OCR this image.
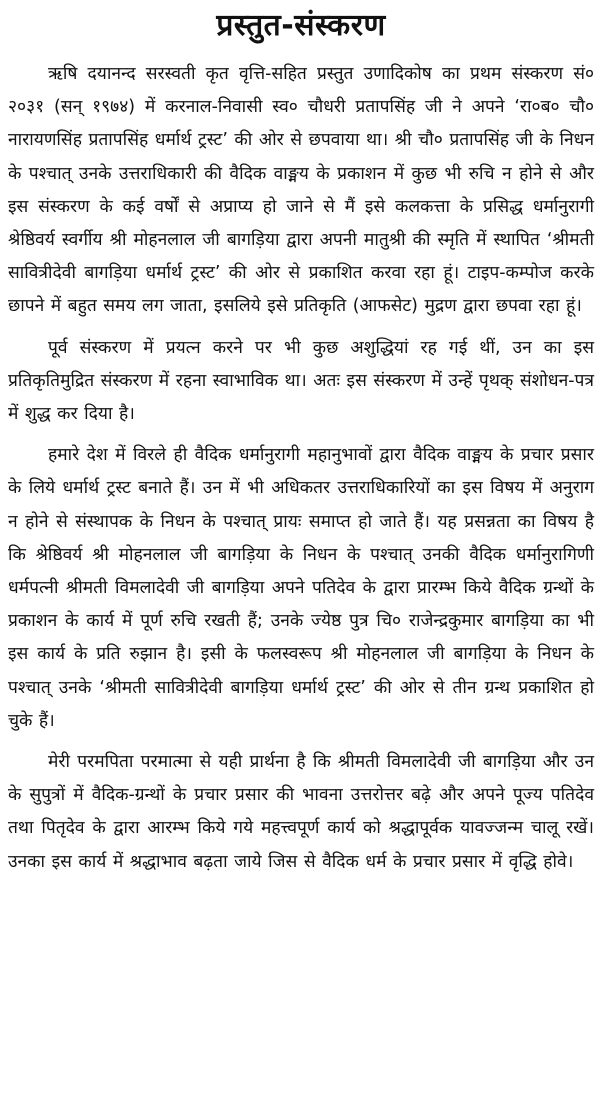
प्रस्तुत-संस्करण

ऋषि दयानन्द सरस्वती कृत वृत्ति-सहित प्रस्तुत उणादिकोष का प्रथम संस्करण सं० २०३१ (सन् १९७४) में करनाल-निवासी स्व० चौधरी प्रतापसिंह जी ने अपने ‘रा०ब० चौ० नारायणसिंह प्रतापसिंह धर्मार्थ ट्रस्ट’ की ओर से छपवाया था। श्री चौ० प्रतापसिंह जी के निधन के पश्चात् उनके उत्तराधिकारी की वैदिक वाङ्मय के प्रकाशन में कुछ भी रुचि न होने से और इस संस्करण के कई वर्षों से अप्राप्य हो जाने से मैं इसे कलकत्ता के प्रसिद्ध धर्मानुरागी श्रेष्ठिवर्य स्वर्गीय श्री मोहनलाल जी बागड़िया द्वारा अपनी मातुश्री की स्मृति में स्थापित ‘श्रीमती सावित्रीदेवी बागड़िया धर्मार्थ ट्रस्ट’ की ओर से प्रकाशित करवा रहा हूं। टाइप-कम्पोज करके छापने में बहुत समय लग जाता, इसलिये इसे प्रतिकृति (आफसेट) मुद्रण द्वारा छपवा रहा हूं।

पूर्व संस्करण में प्रयत्न करने पर भी कुछ अशुद्धियां रह गई थीं, उन का इस प्रतिकृतिमुद्रित संस्करण में रहना स्वाभाविक था। अतः इस संस्करण में उन्हें पृथक् संशोधन-पत्र में शुद्ध कर दिया है।

हमारे देश में विरले ही वैदिक धर्मानुरागी महानुभावों द्वारा वैदिक वाङ्मय के प्रचार प्रसार के लिये धर्मार्थ ट्रस्ट बनाते हैं। उन में भी अधिकतर उत्तराधिकारियों का इस विषय में अनुराग न होने से संस्थापक के निधन के पश्चात् प्रायः समाप्त हो जाते हैं। यह प्रसन्नता का विषय है कि श्रेष्ठिवर्य श्री मोहनलाल जी बागड़िया के निधन के पश्चात् उनकी वैदिक धर्मानुरागिणी धर्मपत्नी श्रीमती विमलादेवी जी बागड़िया अपने पतिदेव के द्वारा प्रारम्भ किये वैदिक ग्रन्थों के प्रकाशन के कार्य में पूर्ण रुचि रखती हैं; उनके ज्येष्ठ पुत्र चि० राजेन्द्रकुमार बागड़िया का भी इस कार्य के प्रति रुझान है। इसी के फलस्वरूप श्री मोहनलाल जी बागड़िया के निधन के पश्चात् उनके ‘श्रीमती सावित्रीदेवी बागड़िया धर्मार्थ ट्रस्ट’ की ओर से तीन ग्रन्थ प्रकाशित हो चुके हैं।

मेरी परमपिता परमात्मा से यही प्रार्थना है कि श्रीमती विमलादेवी जी बागड़िया और उन के सुपुत्रों में वैदिक-ग्रन्थों के प्रचार प्रसार की भावना उत्तरोत्तर बढ़े और अपने पूज्य पतिदेव तथा पितृदेव के द्वारा आरम्भ किये गये महत्त्वपूर्ण कार्य को श्रद्धापूर्वक यावज्जन्म चालू रखें। उनका इस कार्य में श्रद्धाभाव बढ़ता जाये जिस से वैदिक धर्म के प्रचार प्रसार में वृद्धि होवे।
